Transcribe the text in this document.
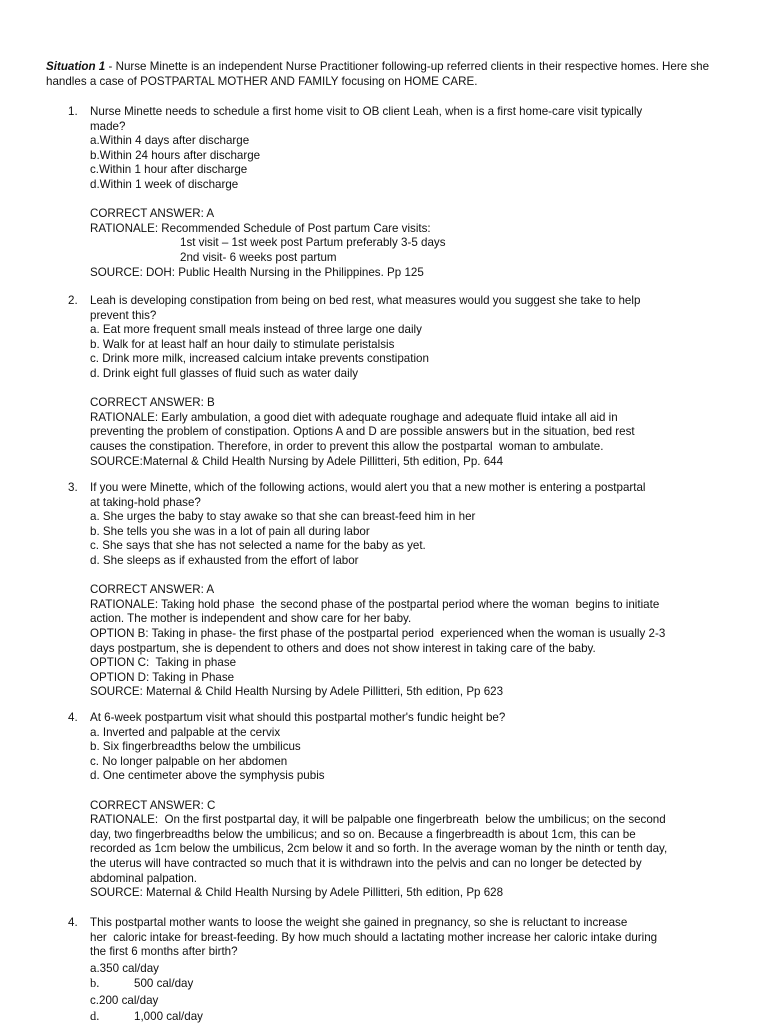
Situation 1 - Nurse Minette is an independent Nurse Practitioner following-up referred clients in their respective homes. Here she handles a case of POSTPARTAL MOTHER AND FAMILY focusing on HOME CARE.
1.	Nurse Minette needs to schedule a first home visit to OB client Leah, when is a first home-care visit typically
made?
a.Within 4 days after discharge
b.Within 24 hours after discharge
c.Within 1 hour after discharge
d.Within 1 week of discharge
CORRECT ANSWER: A
RATIONALE: Recommended Schedule of Post partum Care visits:
1st visit – 1st week post Partum preferably 3-5 days
2nd visit- 6 weeks post partum
SOURCE: DOH: Public Health Nursing in the Philippines. Pp 125
2.	Leah is developing constipation from being on bed rest, what measures would you suggest she take to help
prevent this?
a. Eat more frequent small meals instead of three large one daily
b. Walk for at least half an hour daily to stimulate peristalsis
c. Drink more milk, increased calcium intake prevents constipation
d. Drink eight full glasses of fluid such as water daily
CORRECT ANSWER: B
RATIONALE: Early ambulation, a good diet with adequate roughage and adequate fluid intake all aid in
preventing the problem of constipation. Options A and D are possible answers but in the situation, bed rest
causes the constipation. Therefore, in order to prevent this allow the postpartal  woman to ambulate.
SOURCE:Maternal & Child Health Nursing by Adele Pillitteri, 5th edition, Pp. 644
3.	If you were Minette, which of the following actions, would alert you that a new mother is entering a postpartal
at taking-hold phase?
a. She urges the baby to stay awake so that she can breast-feed him in her
b. She tells you she was in a lot of pain all during labor
c. She says that she has not selected a name for the baby as yet.
d. She sleeps as if exhausted from the effort of labor
CORRECT ANSWER: A
RATIONALE: Taking hold phase  the second phase of the postpartal period where the woman  begins to initiate
action. The mother is independent and show care for her baby.
OPTION B: Taking in phase- the first phase of the postpartal period  experienced when the woman is usually 2-3
days postpartum, she is dependent to others and does not show interest in taking care of the baby.
OPTION C:  Taking in phase
OPTION D: Taking in Phase
SOURCE: Maternal & Child Health Nursing by Adele Pillitteri, 5th edition, Pp 623
4.	At 6-week postpartum visit what should this postpartal mother's fundic height be?
a. Inverted and palpable at the cervix
b. Six fingerbreadths below the umbilicus
c. No longer palpable on her abdomen
d. One centimeter above the symphysis pubis
CORRECT ANSWER: C
RATIONALE:  On the first postpartal day, it will be palpable one fingerbreath  below the umbilicus; on the second
day, two fingerbreadths below the umbilicus; and so on. Because a fingerbreadth is about 1cm, this can be
recorded as 1cm below the umbilicus, 2cm below it and so forth. In the average woman by the ninth or tenth day,
the uterus will have contracted so much that it is withdrawn into the pelvis and can no longer be detected by
abdominal palpation.
SOURCE: Maternal & Child Health Nursing by Adele Pillitteri, 5th edition, Pp 628
4.	This postpartal mother wants to loose the weight she gained in pregnancy, so she is reluctant to increase
her  caloric intake for breast-feeding. By how much should a lactating mother increase her caloric intake during
the first 6 months after birth?
a.350 cal/day
b.	500 cal/day
c.200 cal/day
d.	1,000 cal/day
